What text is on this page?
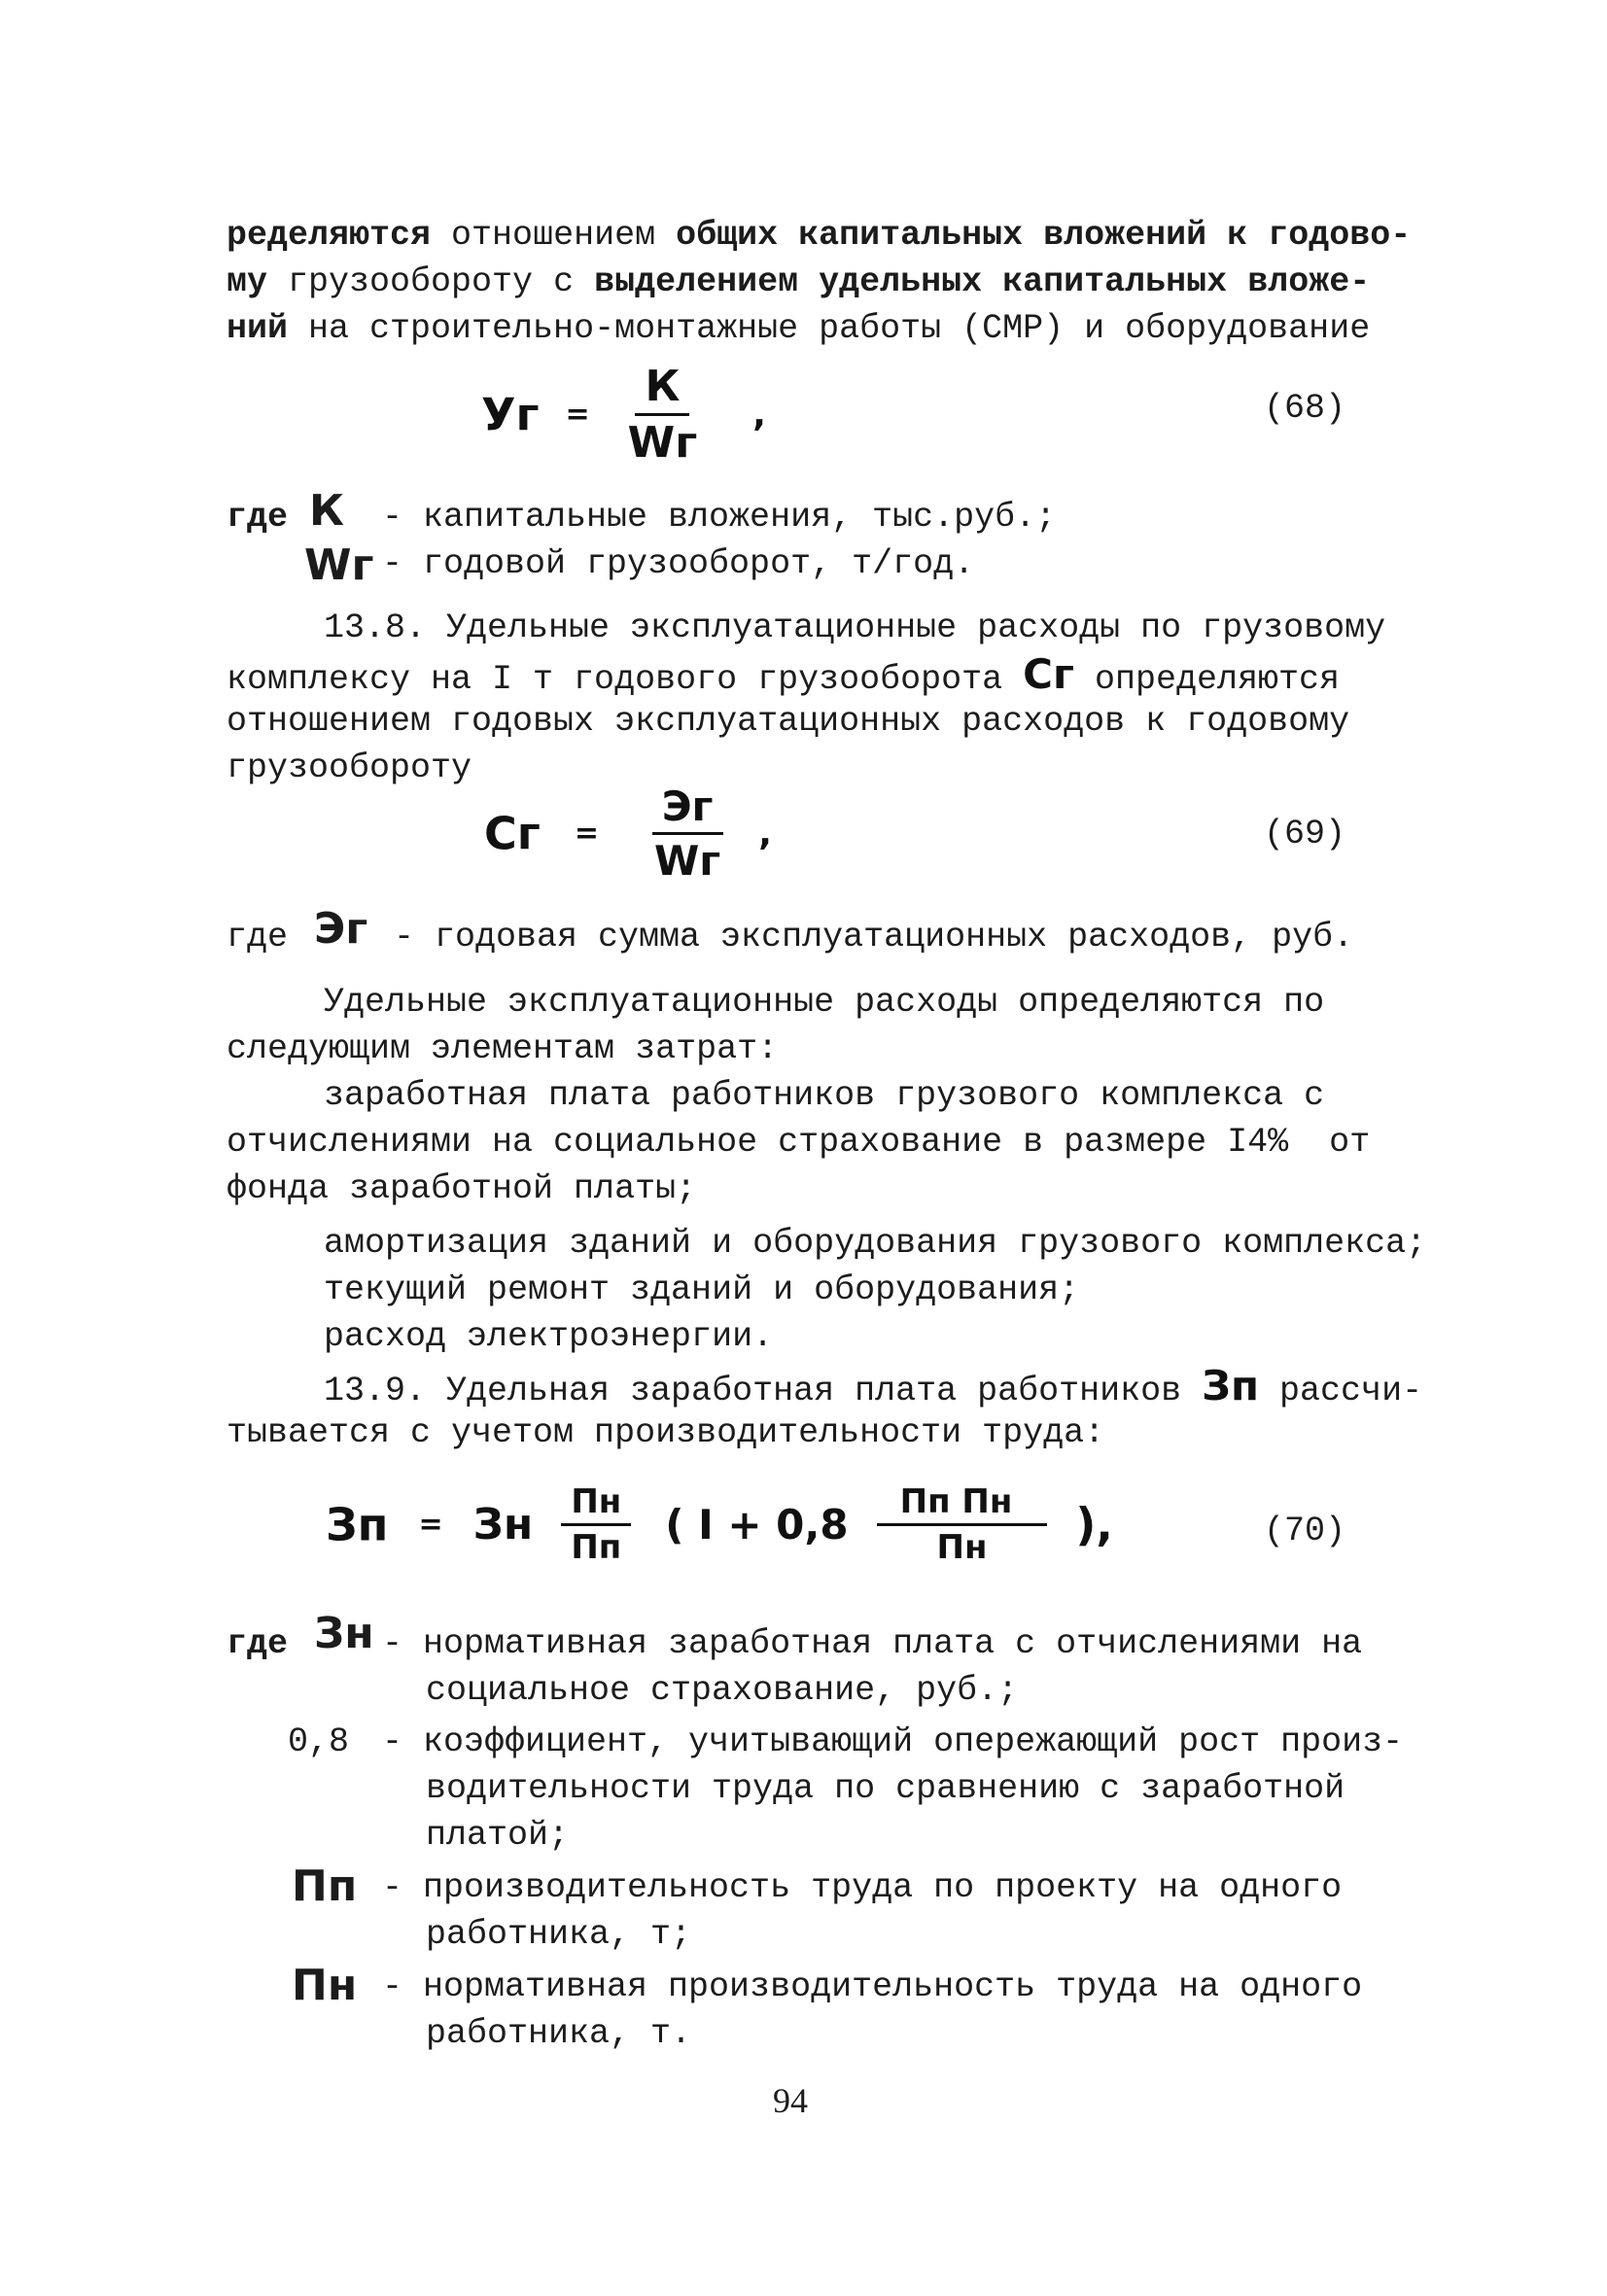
ределяются отношением общих капитальных вложений к годово-
му грузообороту с выделением удельных капитальных вложе-
ний на строительно-монтажные работы (СМР) и оборудование
Уг = $\frac{К}{Wг}$ ,	(68)
где К - капитальные вложения, тыс.руб.;
Wг - годовой грузооборот, т/год.
13.8. Удельные эксплуатационные расходы по грузовому
комплексу на I т годового грузооборота Сг определяются
отношением годовых эксплуатационных расходов к годовому
грузообороту
Сг = $\frac{Эг}{Wг}$ ,	(69)
где Эг - годовая сумма эксплуатационных расходов, руб.
Удельные эксплуатационные расходы определяются по
следующим элементам затрат:
заработная плата работников грузового комплекса с
отчислениями на социальное страхование в размере I4%  от
фонда заработной платы;
амортизация зданий и оборудования грузового комплекса;
текущий ремонт зданий и оборудования;
расход электроэнергии.
13.9. Удельная заработная плата работников Зп рассчи-
тывается с учетом производительности труда:
Зп = Зн $\frac{Пн}{Пп}$ ( $I + 0,8 \frac{\text{Пп Пн}}{Пн}$ ),	(70)
где Зн - нормативная заработная плата с отчислениями на
социальное страхование, руб.;
0,8 - коэффициент, учитывающий опережающий рост произ-
водительности труда по сравнению с заработной
платой;
Пп - производительность труда по проекту на одного
работника, т;
Пн - нормативная производительность труда на одного
работника, т.
94
